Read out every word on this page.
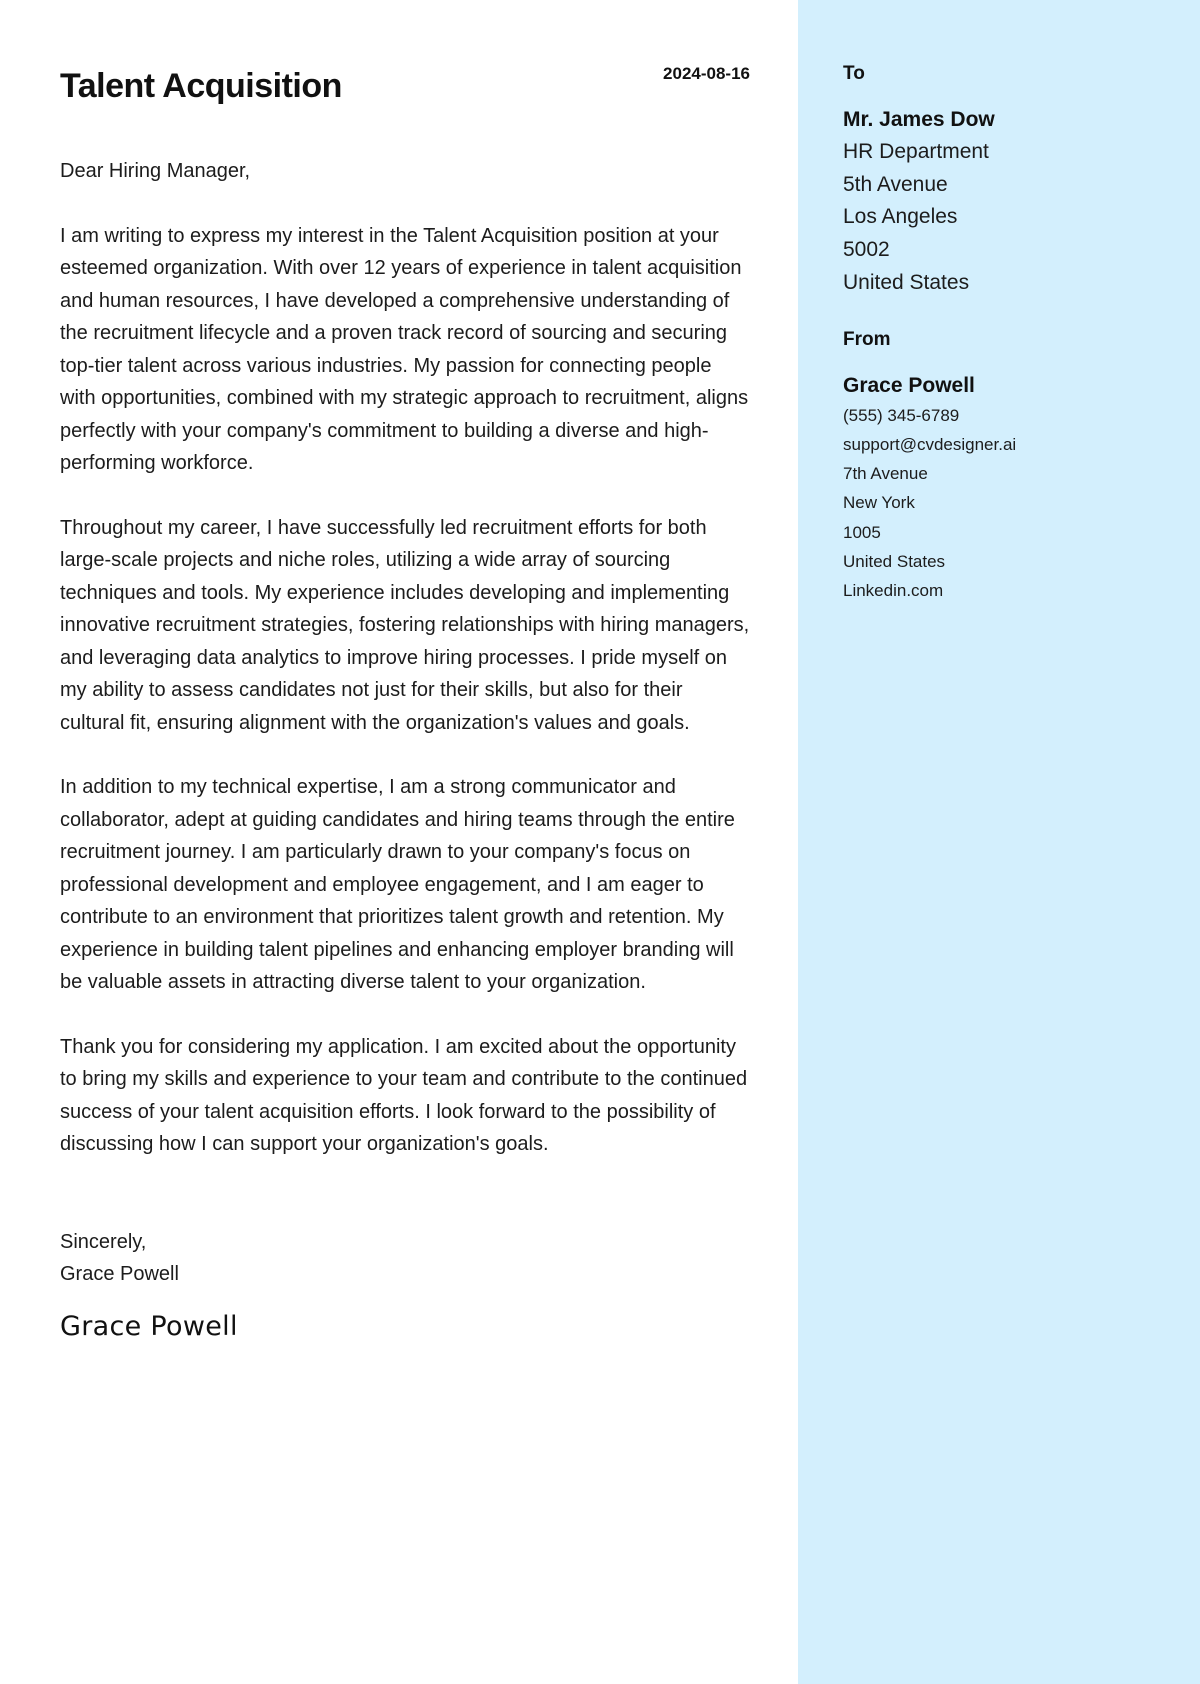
Talent Acquisition	2024-08-16

Dear Hiring Manager,

I am writing to express my interest in the Talent Acquisition position at your esteemed organization. With over 12 years of experience in talent acquisition and human resources, I have developed a comprehensive understanding of the recruitment lifecycle and a proven track record of sourcing and securing top-tier talent across various industries. My passion for connecting people with opportunities, combined with my strategic approach to recruitment, aligns perfectly with your company's commitment to building a diverse and high-performing workforce.

Throughout my career, I have successfully led recruitment efforts for both large-scale projects and niche roles, utilizing a wide array of sourcing techniques and tools. My experience includes developing and implementing innovative recruitment strategies, fostering relationships with hiring managers, and leveraging data analytics to improve hiring processes. I pride myself on my ability to assess candidates not just for their skills, but also for their cultural fit, ensuring alignment with the organization's values and goals.

In addition to my technical expertise, I am a strong communicator and collaborator, adept at guiding candidates and hiring teams through the entire recruitment journey. I am particularly drawn to your company's focus on professional development and employee engagement, and I am eager to contribute to an environment that prioritizes talent growth and retention. My experience in building talent pipelines and enhancing employer branding will be valuable assets in attracting diverse talent to your organization.

Thank you for considering my application. I am excited about the opportunity to bring my skills and experience to your team and contribute to the continued success of your talent acquisition efforts. I look forward to the possibility of discussing how I can support your organization's goals.

Sincerely,
Grace Powell
Grace Powell
To
Mr. James Dow
HR Department
5th Avenue
Los Angeles
5002
United States
From
Grace Powell
(555) 345-6789
support@cvdesigner.ai
7th Avenue
New York
1005
United States
Linkedin.com
